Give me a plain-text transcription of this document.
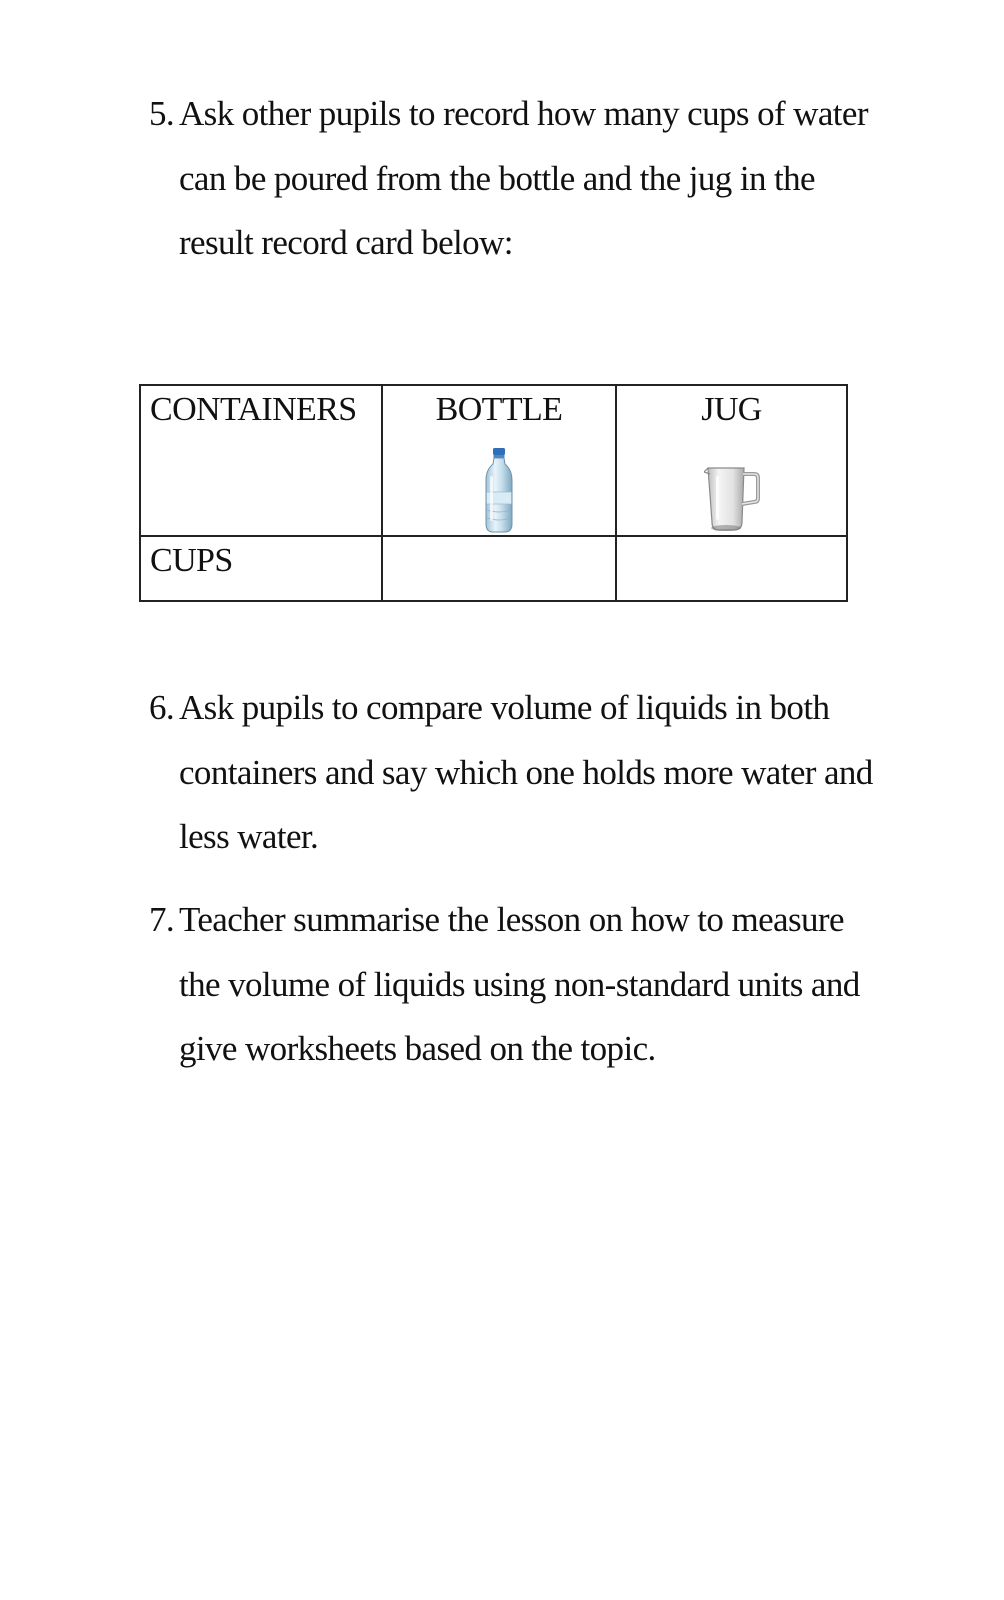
5. Ask other pupils to record how many cups of water
can be poured from the bottle and the jug in the
result record card below:
CONTAINERS	BOTTLE	JUG

CUPS		

6. Ask pupils to compare volume of liquids in both
containers and say which one holds more water and
less water.
7. Teacher summarise the lesson on how to measure
the volume of liquids using non-standard units and
give worksheets based on the topic.
